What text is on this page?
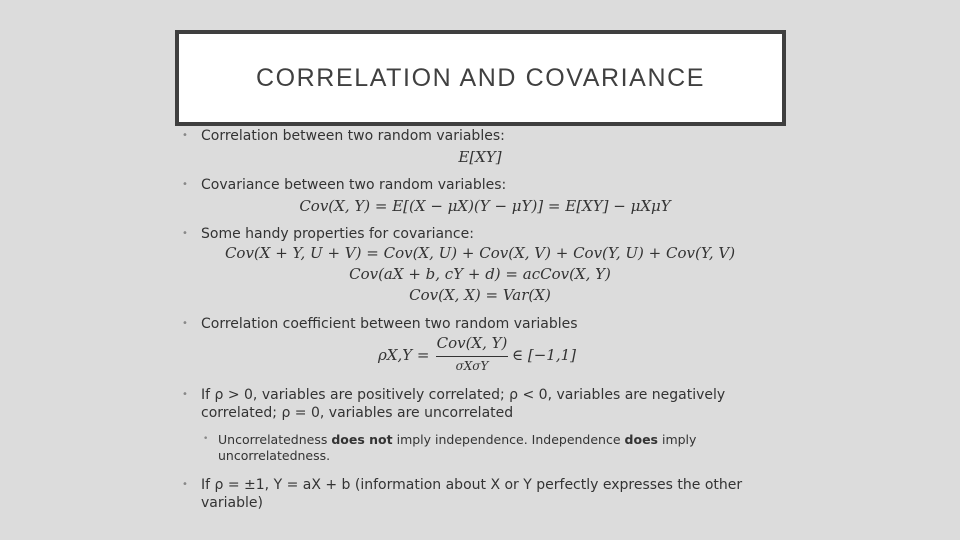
CORRELATION AND COVARIANCE
• Correlation between two random variables:
E[XY]
• Covariance between two random variables:
Cov(X, Y) = E[(X − μX)(Y − μY)] = E[XY] − μXμY
• Some handy properties for covariance:
Cov(X + Y, U + V) = Cov(X, U) + Cov(X, V) + Cov(Y, U) + Cov(Y, V)
Cov(aX + b, cY + d) = acCov(X, Y)
Cov(X, X) = Var(X)
• Correlation coefficient between two random variables
ρX,Y =
Cov(X, Y)
σXσY
∈ [−1,1]
• If ρ > 0, variables are positively correlated; ρ < 0, variables are negatively
correlated; ρ = 0, variables are uncorrelated
• Uncorrelatedness does not imply independence. Independence does imply
uncorrelatedness.
• If ρ = ±1, Y = aX + b (information about X or Y perfectly expresses the other
variable)
